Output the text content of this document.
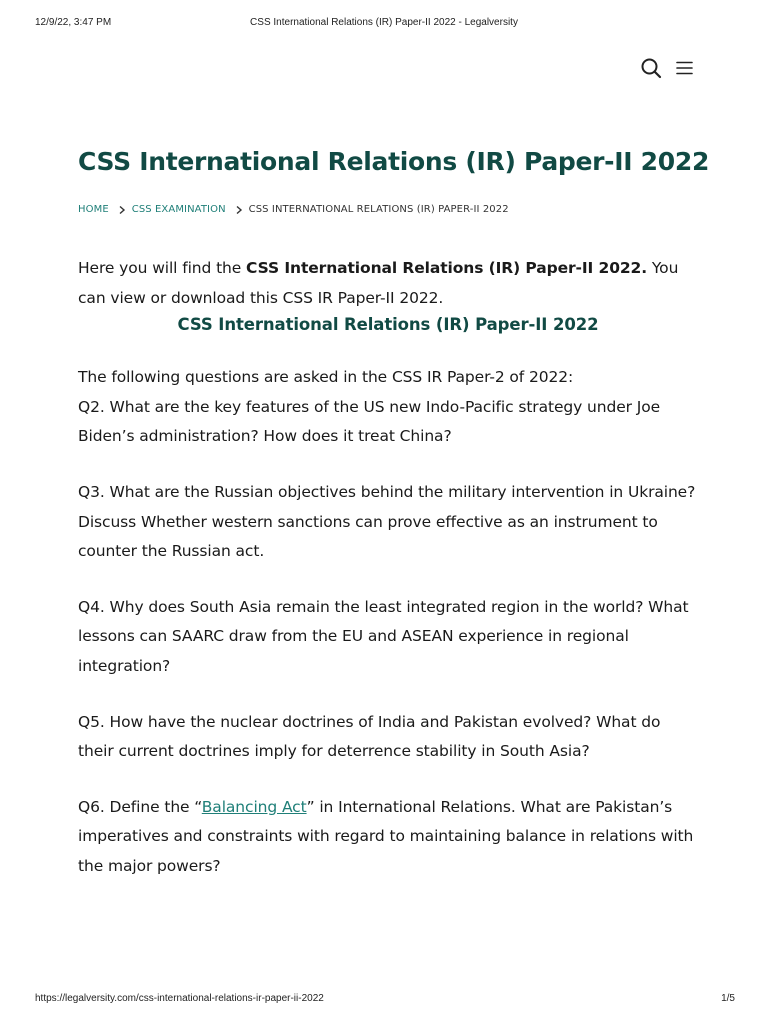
12/9/22, 3:47 PM	CSS International Relations (IR) Paper-II 2022 - Legalversity
CSS International Relations (IR) Paper-II 2022
HOME CSS EXAMINATION CSS INTERNATIONAL RELATIONS (IR) PAPER-II 2022

Here you will find the CSS International Relations (IR) Paper-II 2022. You can view or download this CSS IR Paper-II 2022.

CSS International Relations (IR) Paper-II 2022

The following questions are asked in the CSS IR Paper-2 of 2022:

Q2. What are the key features of the US new Indo-Pacific strategy under Joe Biden’s administration? How does it treat China?

Q3. What are the Russian objectives behind the military intervention in Ukraine? Discuss Whether western sanctions can prove effective as an instrument to counter the Russian act.

Q4. Why does South Asia remain the least integrated region in the world? What lessons can SAARC draw from the EU and ASEAN experience in regional integration?

Q5. How have the nuclear doctrines of India and Pakistan evolved? What do their current doctrines imply for deterrence stability in South Asia?

Q6. Define the “Balancing Act” in International Relations. What are Pakistan’s imperatives and constraints with regard to maintaining balance in relations with the major powers?

https://legalversity.com/css-international-relations-ir-paper-ii-2022	1/5
